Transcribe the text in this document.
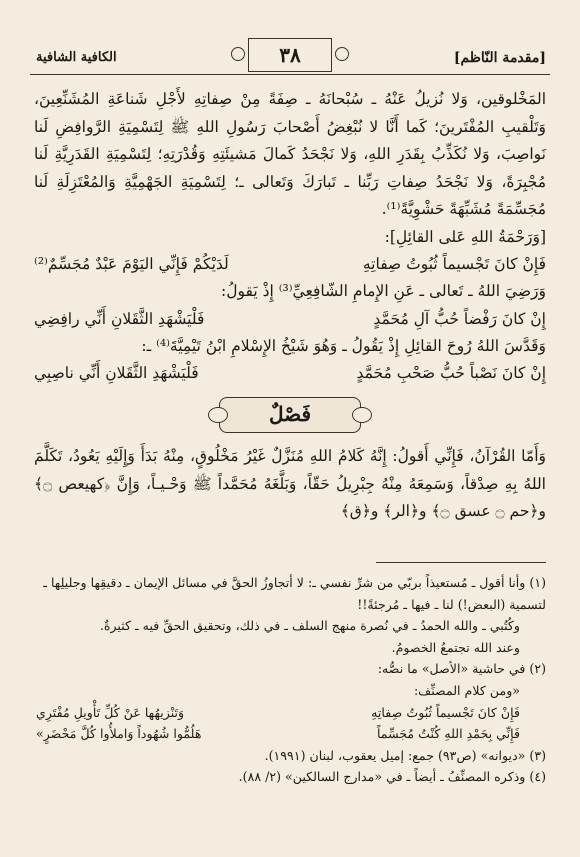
[مقدمة النّاظم]
٣٨
الكافية الشافية

المَخْلوقين، وَلا نُزيلُ عَنْهُ ـ سُبْحانَهُ ـ صِفَةً مِنْ صِفاتِهِ لأَجْلِ شَناعَةِ المُشَنِّعِينَ، وَتَلْقيبِ المُفْتَرينَ؛ كَما أَنَّا لا نُبْغِضُ أَصْحابَ رَسُولِ اللهِ ﷺ لِتَسْمِيَةِ الرَّوافِضِ لَنا نَواصِبَ، وَلا نُكَذِّبُ بِقَدَرِ اللهِ، وَلا نَجْحَدُ كَمالَ مَشيئَتِهِ وَقُدْرَتِهِ؛ لِتَسْمِيَةِ القَدَرِيَّةِ لَنا مُجْبِرَةً، وَلا نَجْحَدُ صِفاتِ رَبِّنا ـ تَبارَكَ وَتَعالى ـ؛ لِتَسْمِيَةِ الجَهْمِيَّةِ وَالمُعْتَزِلَةِ لَنا مُجَسِّمَةً مُشَبِّهَةً حَشْوِيَّةً⁽¹⁾.

[وَرَحْمَةُ اللهِ عَلى القائِلِ]:

فَإِنْ كانَ تَجْسيماً ثُبُوتُ صِفاتِهِ
لَدَيْكُمْ فَإِنِّي اليَوْمَ عَبْدٌ مُجَسِّمٌ⁽²⁾

وَرَضِيَ اللهُ ـ تَعالى ـ عَنِ الإِمامِ الشّافِعِيِّ⁽³⁾ إِذْ يَقولُ:

إِنْ كانَ رَفْضاً حُبُّ آلِ مُحَمَّدٍ
فَلْيَشْهَدِ الثَّقَلانِ أَنِّي رافِضِي

وَقَدَّسَ اللهُ رُوحَ القائِلِ إِذْ يَقُولُ ـ وَهُوَ شَيْخُ الإِسْلامِ ابْنُ تَيْمِيَّةَ⁽⁴⁾ ـ:

إِنْ كانَ نَصْباً حُبُّ صَحْبِ مُحَمَّدٍ
فَلْيَشْهَدِ الثَّقَلانِ أَنِّي ناصِبِي
فَصْلٌ

وَأَمّا القُرْآنُ، فَإِنِّي أَقولُ: إِنَّهُ كَلامُ اللهِ مُنَزَّلٌ غَيْرُ مَخْلُوقٍ، مِنْهُ بَدَأَ وَإِلَيْهِ يَعُودُ، تَكَلَّمَ اللهُ بِهِ صِدْقاً، وَسَمِعَهُ مِنْهُ جِبْرِيلُ حَقّاً، وَبَلَّغَهُ مُحَمَّداً ﷺ وَحْـيـاً، وَإِنَّ ﴿كهيعص ۝﴾ و﴿حم ۝ عسق ۝﴾ و﴿الر﴾ و﴿ق﴾

(١) وأنا أقول ـ مُستعيذاً بربّي من شرِّ نفسي ـ: لا أتجاوزُ الحقَّ في مسائل الإيمان ـ دقيقِها وجليلِها ـ لتسمية (البعض!) لنا ـ فيها ـ مُرجئةً!!

وكُتُبي ـ والله الحمدُ ـ في نُصرة منهج السلف ـ في ذلك، وتحقيق الحقِّ فيه ـ كثيرةٌ.

وعند الله تجتمعُ الخصومُ.

(٢) في حاشية «الأصل» ما نصُّه:

«ومن كلام المصنِّف:

فَإِنْ كانَ تَجْسيماً ثُبُوتُ صِفاتِهِ
وَتَنْزيهُها عَنْ كُلِّ تَأْويلِ مُفْتَرِي
فَإِنِّي بِحَمْدِ اللهِ كُنْتُ مُجَسِّماً
هَلُمُّوا شُهُوداً وَاملأُوا كُلَّ مَحْضَرٍ»

(٣) «ديوانه» (ص٩٣) جمع: إميل يعقوب، لبنان (١٩٩١).

(٤) وذكره المصنِّفُ ـ أيضاً ـ في «مدارج السالكين» (٢/ ٨٨).
